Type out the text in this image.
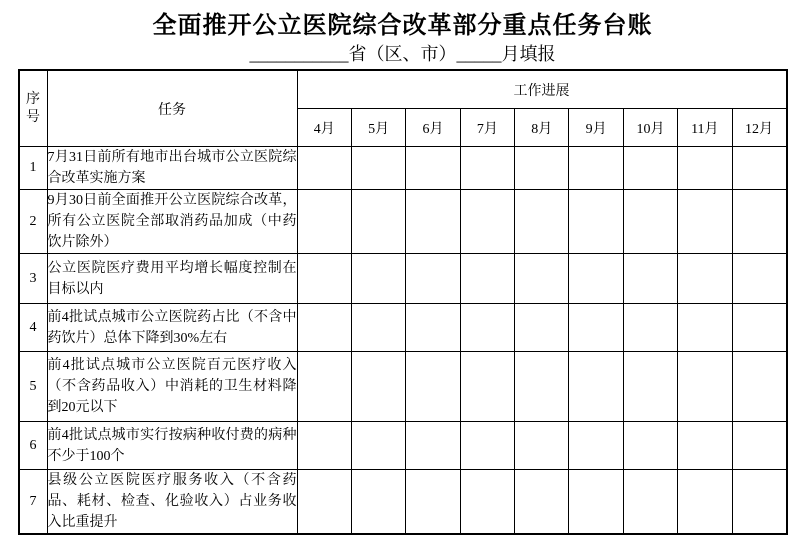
全面推开公立医院综合改革部分重点任务台账
___________省（区、市）_____月填报
序号	任务	工作进展								
		4月	5月	6月	7月	8月	9月	10月	11月	12月
1	7月31日前所有地市出台城市公立医院综合改革实施方案									
2	9月30日前全面推开公立医院综合改革，所有公立医院全部取消药品加成（中药饮片除外）									
3	公立医院医疗费用平均增长幅度控制在目标以内									
4	前4批试点城市公立医院药占比（不含中药饮片）总体下降到30%左右									
5	前4批试点城市公立医院百元医疗收入（不含药品收入）中消耗的卫生材料降到20元以下									
6	前4批试点城市实行按病种收付费的病种不少于100个									
7	县级公立医院医疗服务收入（不含药品、耗材、检查、化验收入）占业务收入比重提升									
